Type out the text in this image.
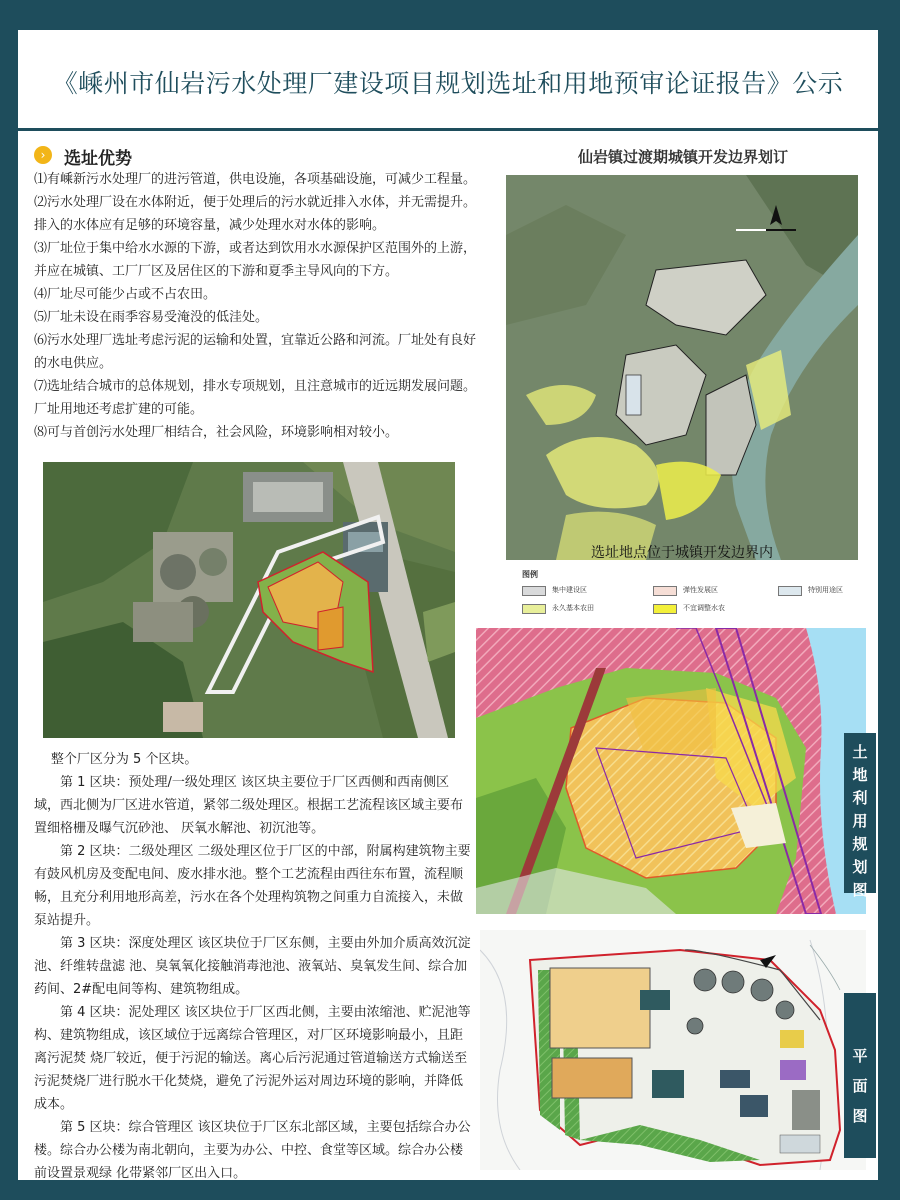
《嵊州市仙岩污水处理厂建设项目规划选址和用地预审论证报告》公示
›	选址优势
⑴有嵊新污水处理厂的进污管道，供电设施，各项基础设施，可减少工程量。
⑵污水处理厂设在水体附近，便于处理后的污水就近排入水体，并无需提升。排入的水体应有足够的环境容量，减少处理水对水体的影响。
⑶厂址位于集中给水水源的下游，或者达到饮用水水源保护区范围外的上游，并应在城镇、工厂厂区及居住区的下游和夏季主导风向的下方。
⑷厂址尽可能少占或不占农田。
⑸厂址未设在雨季容易受淹没的低洼处。
⑹污水处理厂选址考虑污泥的运输和处置，宜靠近公路和河流。厂址处有良好的水电供应。
⑺选址结合城市的总体规划，排水专项规划，且注意城市的近远期发展问题。厂址用地还考虑扩建的可能。
⑻可与首创污水处理厂相结合，社会风险，环境影响相对较小。

整个厂区分为 5 个区块。

第 1 区块：预处理/一级处理区 该区块主要位于厂区西侧和西南侧区域，西北侧为厂区进水管道，紧邻二级处理区。根据工艺流程该区域主要布置细格栅及曝气沉砂池、 厌氧水解池、初沉池等。

第 2 区块：二级处理区 二级处理区位于厂区的中部，附属构建筑物主要有鼓风机房及变配电间、废水排水池。整个工艺流程由西往东布置，流程顺畅，且充分利用地形高差，污水在各个处理构筑物之间重力自流接入，未做泵站提升。

第 3 区块：深度处理区 该区块位于厂区东侧，主要由外加介质高效沉淀池、纤维转盘滤 池、臭氧氧化接触消毒池池、液氧站、臭氧发生间、综合加药间、2#配电间等构、建筑物组成。

第 4 区块：泥处理区 该区块位于厂区西北侧，主要由浓缩池、贮泥池等构、建筑物组成，该区域位于远离综合管理区，对厂区环境影响最小，且距离污泥焚 烧厂较近，便于污泥的输送。离心后污泥通过管道输送方式输送至污泥焚烧厂进行脱水干化焚烧，避免了污泥外运对周边环境的影响，并降低成本。

第 5 区块：综合管理区 该区块位于厂区东北部区域，主要包括综合办公楼。综合办公楼为南北朝向，主要为办公、中控、食堂等区域。综合办公楼前设置景观绿 化带紧邻厂区出入口。

仙岩镇过渡期城镇开发边界划订
选址地点位于城镇开发边界内
图例
集中建设区	弹性发展区	特别用途区
永久基本农田	不宜调整水农
土地利用规划图
平面图
